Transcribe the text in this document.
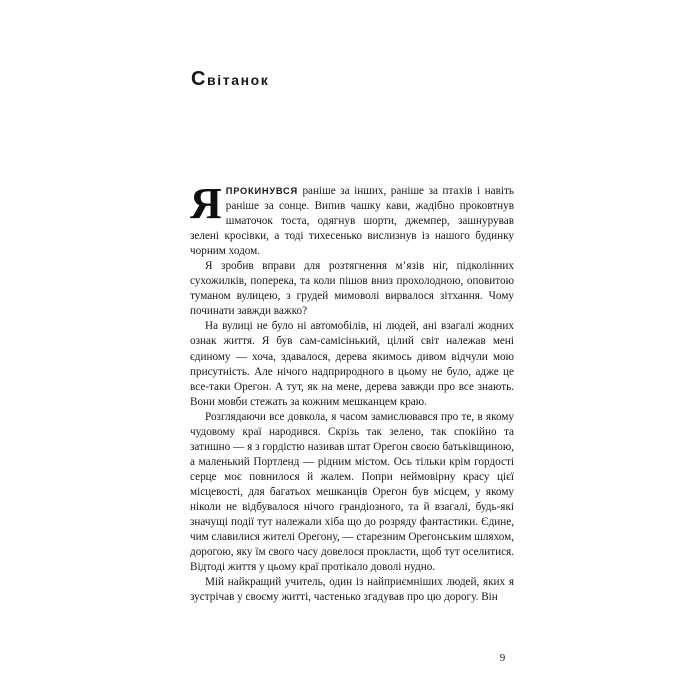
Світанок

ЯПРОКИНУВСЯ раніше за інших, раніше за птахів і навіть раніше за сонце. Випив чашку кави, жадібно проковтнув шматочок тоста, одягнув шорти, джемпер, зашнурував зелені кросівки, а тоді тихесенько вислизнув із нашого будинку чорним ходом.

Я зробив вправи для розтягнення м’язів ніг, підколінних сухожилків, поперека, та коли пішов вниз прохолодною, оповитою туманом вулицею, з грудей мимоволі вирвалося зітхання. Чому починати завжди важко?

На вулиці не було ні автомобілів, ні людей, ані взагалі жодних ознак життя. Я був сам-самісінький, цілий світ належав мені єдиному — хоча, здавалося, дерева якимось дивом відчули мою присутність. Але нічого надприродного в цьому не було, адже це все-таки Орегон. А тут, як на мене, дерева завжди про все знають. Вони мовби стежать за кожним мешканцем краю.

Розглядаючи все довкола, я часом замислювався про те, в якому чудовому краї народився. Скрізь так зелено, так спокійно та затишно — я з гордістю називав штат Орегон своєю батьківщиною, а маленький Портленд — рідним містом. Ось тільки крім гордості серце моє повнилося й жалем. Попри неймовірну красу цієї місцевості, для багатьох мешканців Орегон був місцем, у якому ніколи не відбувалося нічого грандіозного, та й взагалі, будь-які значущі події тут належали хіба що до розряду фантастики. Єдине, чим славилися жителі Орегону, — старезним Орегонським шляхом, дорогою, яку їм свого часу довелося прокласти, щоб тут оселитися. Відтоді життя у цьому краї протікало доволі нудно.

Мій найкращий учитель, один із найприємніших людей, яких я зустрічав у своєму житті, частенько згадував про цю дорогу. Він

9
